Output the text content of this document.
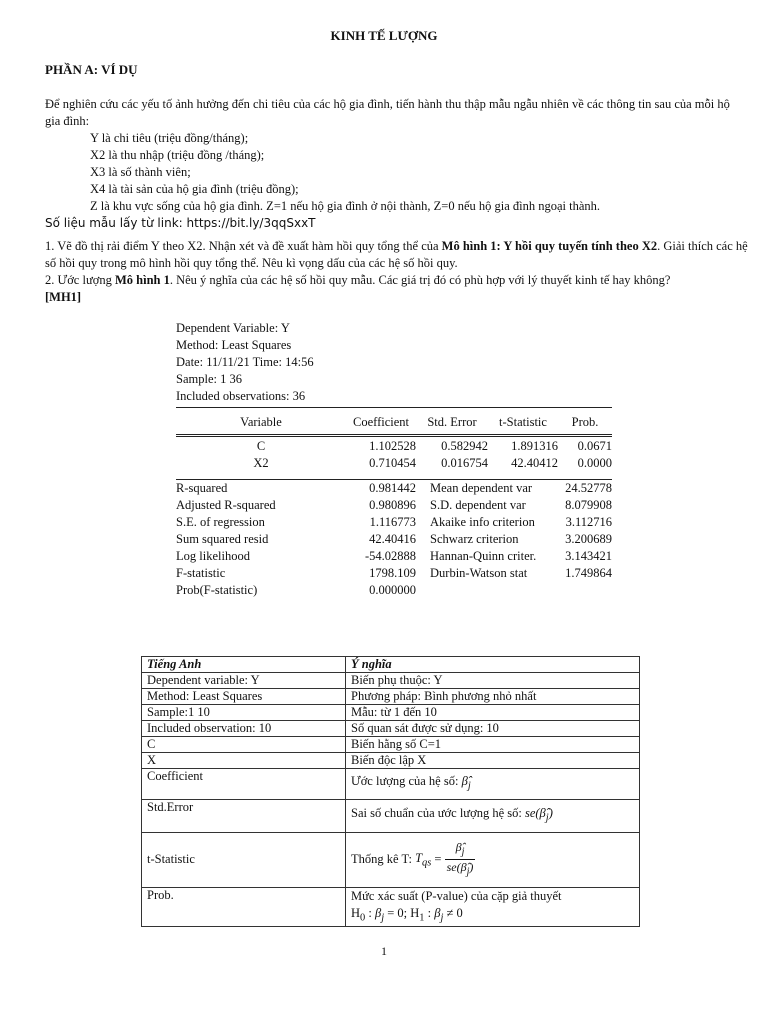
KINH TẾ LƯỢNG
PHẦN A: VÍ DỤ
Để nghiên cứu các yếu tố ảnh hưởng đến chi tiêu của các hộ gia đình, tiến hành thu thập mẫu ngẫu nhiên về các thông tin sau của mỗi hộ gia đình:
Y là chi tiêu (triệu đồng/tháng);
X2 là thu nhập (triệu đồng /tháng);
X3 là số thành viên;
X4 là tài sản của hộ gia đình (triệu đồng);
Z là khu vực sống của hộ gia đình. Z=1 nếu hộ gia đình ở nội thành, Z=0 nếu hộ gia đình ngoại thành.
Số liệu mẫu lấy từ link: https://bit.ly/3qqSxxT
1. Vẽ đồ thị rải điểm Y theo X2. Nhận xét và đề xuất hàm hồi quy tổng thể của Mô hình 1: Y hồi quy tuyến tính theo X2. Giải thích các hệ số hồi quy trong mô hình hồi quy tổng thể. Nêu kì vọng dấu của các hệ số hồi quy.
2. Ước lượng Mô hình 1. Nêu ý nghĩa của các hệ số hồi quy mẫu. Các giá trị đó có phù hợp với lý thuyết kinh tế hay không?
[MH1]
Dependent Variable: Y
Method: Least Squares
Date: 11/11/21 Time: 14:56
Sample: 1 36
Included observations: 36
Variable	Coefficient	Std. Error	t-Statistic	Prob.

C	1.102528	0.582942	1.891316	0.0671
X2	0.710454	0.016754	42.40412	0.0000

R-squared	0.981442		Mean dependent var	24.52778
Adjusted R-squared	0.980896		S.D. dependent var	8.079908
S.E. of regression	1.116773		Akaike info criterion	3.112716
Sum squared resid	42.40416		Schwarz criterion	3.200689
Log likelihood	-54.02888		Hannan-Quinn criter.	3.143421
F-statistic	1798.109		Durbin-Watson stat	1.749864
Prob(F-statistic)	0.000000			
Tiếng Anh	Ý nghĩa
Dependent variable: Y	Biến phụ thuộc: Y
Method: Least Squares	Phương pháp: Bình phương nhỏ nhất
Sample:1 10	Mẫu: từ 1 đến 10
Included observation: 10	Số quan sát được sử dụng: 10
C	Biến hằng số C=1
X	Biến độc lập X
Coefficient	Ước lượng của hệ số: $\betâ_j$
Std.Error	Sai số chuẩn của ước lượng hệ số: $se(\betâ_j)$
t-Statistic	Thống kê T: $T_{qs} = \frac{\betâ_j}{se(\betâ_j)}$

Prob.	Mức xác suất (P-value) của cặp giả thuyết
$H_0$ : $\beta_j = 0$; $H_1$ : $\beta_j \ne 0$
1
